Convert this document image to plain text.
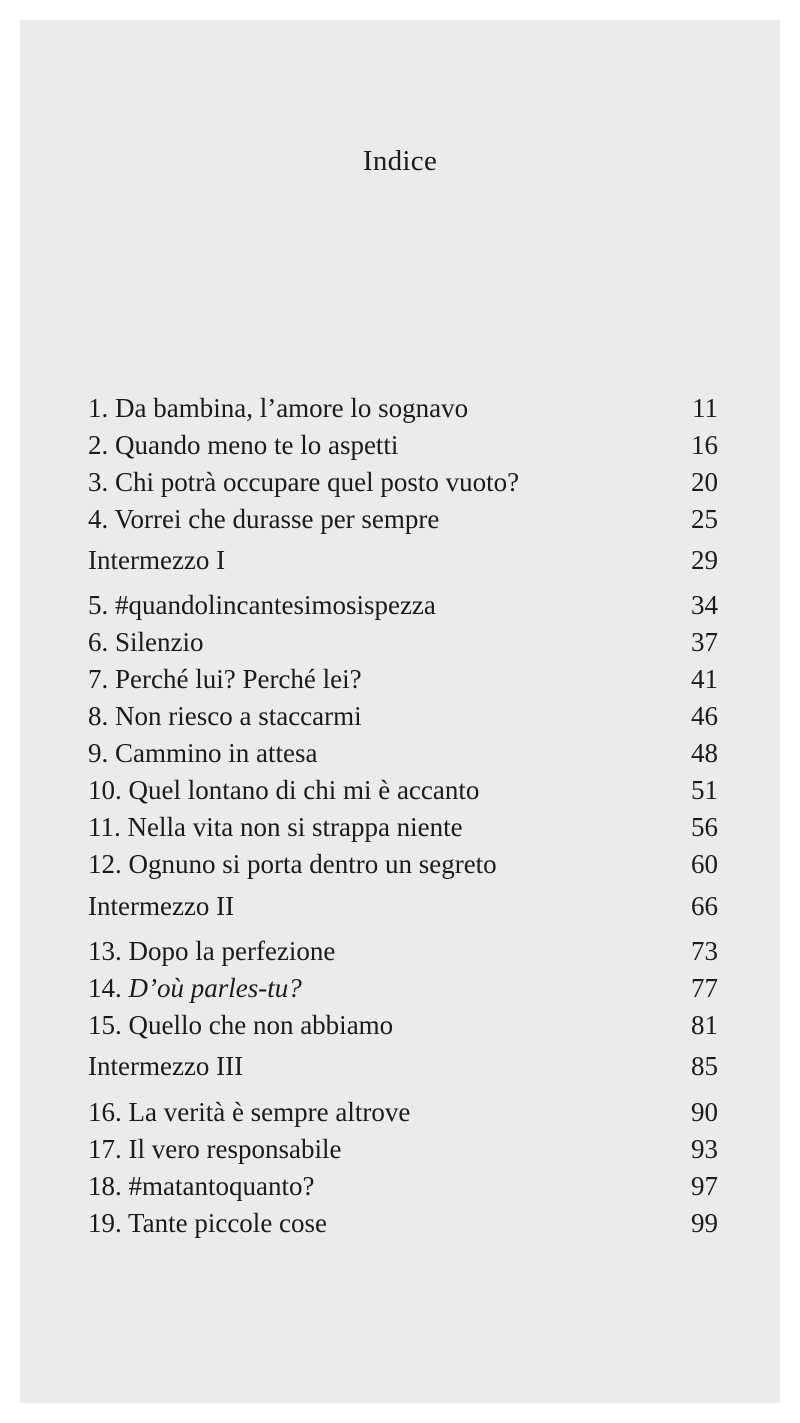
Indice
1. Da bambina, l’amore lo sognavo	11
2. Quando meno te lo aspetti	16
3. Chi potrà occupare quel posto vuoto?	20
4. Vorrei che durasse per sempre	25
Intermezzo I	29
5. #quandolincantesimosispezza	34
6. Silenzio	37
7. Perché lui? Perché lei?	41
8. Non riesco a staccarmi	46
9. Cammino in attesa	48
10. Quel lontano di chi mi è accanto	51
11. Nella vita non si strappa niente	56
12. Ognuno si porta dentro un segreto	60
Intermezzo II	66
13. Dopo la perfezione	73
14. D’où parles-tu?	77
15. Quello che non abbiamo	81
Intermezzo III	85
16. La verità è sempre altrove	90
17. Il vero responsabile	93
18. #matantoquanto?	97
19. Tante piccole cose	99
